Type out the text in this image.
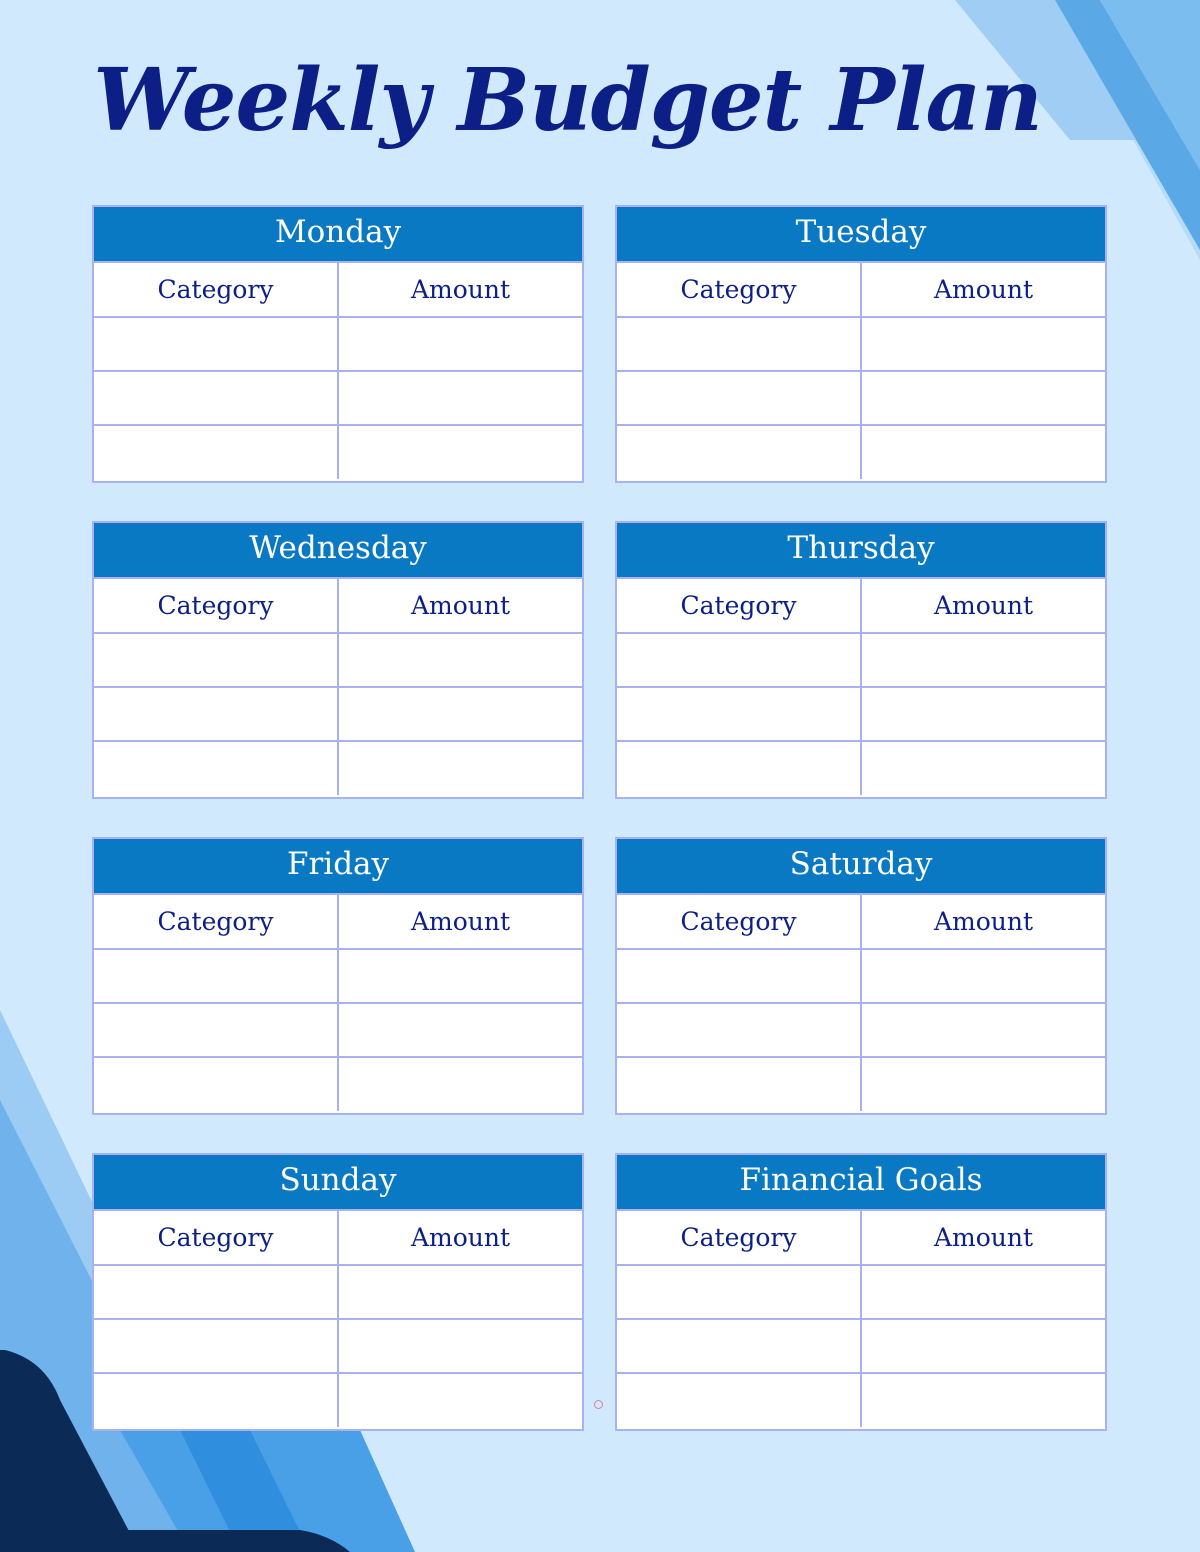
Weekly Budget Plan
Monday
Category	Amount

Tuesday
Category	Amount

Wednesday
Category	Amount

Thursday
Category	Amount

Friday
Category	Amount

Saturday
Category	Amount

Sunday
Category	Amount

Financial Goals
Category	Amount
